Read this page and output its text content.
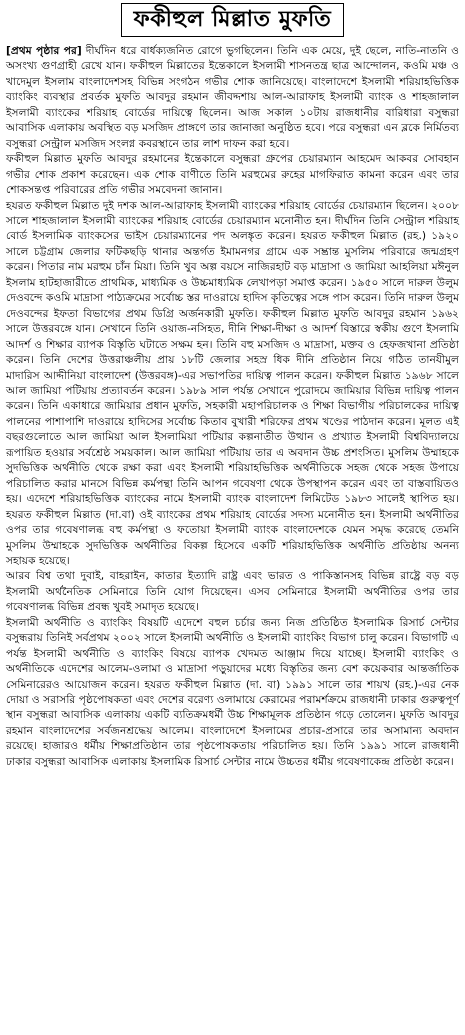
ফকীহুল মিল্লাত মুফতি

[প্রথম পৃষ্ঠার পর] দীর্ঘদিন ধরে বার্ধক্যজনিত রোগে ভুগছিলেন। তিনি এক মেয়ে, দুই ছেলে, নাতি-নাতনি ও অসংখ্য গুণগ্রাহী রেখে যান। ফকীহুল মিল্লাতের ইন্তেকালে ইসলামী শাসনতন্ত্র ছাত্র আন্দোলন, কওমি মঞ্চ ও খাদেমুল ইসলাম বাংলাদেশসহ বিভিন্ন সংগঠন গভীর শোক জানিয়েছে। বাংলাদেশে ইসলামী শরিয়াহভিত্তিক ব্যাংকিং ব্যবস্থার প্রবর্তক মুফতি আবদুর রহমান জীবদ্দশায় আল-আরাফাহ ইসলামী ব্যাংক ও শাহজালাল ইসলামী ব্যাংকের শরিয়াহ বোর্ডের দায়িত্বে ছিলেন। আজ সকাল ১০টায় রাজধানীর বারিধারা বসুন্ধরা আবাসিক এলাকায় অবস্থিত বড় মসজিদ প্রাঙ্গণে তার জানাজা অনুষ্ঠিত হবে। পরে বসুন্ধরা এন ব্লকে নির্মিতব্য বসুন্ধরা সেন্ট্রাল মসজিদ সংলগ্ন কবরস্থানে তার লাশ দাফন করা হবে।

ফকীহুল মিল্লাত মুফতি আবদুর রহমানের ইন্তেকালে বসুন্ধরা গ্রুপের চেয়ারম্যান আহমেদ আকবর সোবহান গভীর শোক প্রকাশ করেছেন। এক শোক বাণীতে তিনি মরহুমের রুহের মাগফিরাত কামনা করেন এবং তার শোকসন্তপ্ত পরিবারের প্রতি গভীর সমবেদনা জানান।

হযরত ফকীহুল মিল্লাত দুই দশক আল-আরাফাহ ইসলামী ব্যাংকের শরিয়াহ বোর্ডের চেয়ারম্যান ছিলেন। ২০০৮ সালে শাহজালাল ইসলামী ব্যাংকের শরিয়াহ বোর্ডের চেয়ারম্যান মনোনীত হন। দীর্ঘদিন তিনি সেন্ট্রাল শরিয়াহ বোর্ড ইসলামিক ব্যাংকসের ভাইস চেয়ারম্যানের পদ অলঙ্কৃত করেন। হযরত ফকীহুল মিল্লাত (রহ.) ১৯২০ সালে চট্টগ্রাম জেলার ফটিকছড়ি থানার অন্তর্গত ইমামনগর গ্রামে এক সম্ভ্রান্ত মুসলিম পরিবারে জন্মগ্রহণ করেন। পিতার নাম মরহুম চাঁন মিয়া। তিনি খুব অল্প বয়সে নাজিরহাট বড় মাদ্রাসা ও জামিয়া আহলিয়া মঈনুল ইসলাম হাটহাজারীতে প্রাথমিক, মাধ্যমিক ও উচ্চমাধ্যমিক লেখাপড়া সমাপ্ত করেন। ১৯৫০ সালে দারুল উলুম দেওবন্দে কওমি মাদ্রাসা পাঠ্যক্রমের সর্বোচ্চ স্তর দাওরায়ে হাদিস কৃতিত্বের সঙ্গে পাস করেন। তিনি দারুল উলুম দেওবন্দের ইফতা বিভাগের প্রথম ডিগ্রি অর্জনকারী মুফতি। ফকীহুল মিল্লাত মুফতি আবদুর রহমান ১৯৬২ সালে উত্তরবঙ্গে যান। সেখানে তিনি ওয়াজ-নসিহত, দীনি শিক্ষা-দীক্ষা ও আদর্শ বিস্তারে স্বকীয় গুণে ইসলামি আদর্শ ও শিক্ষার ব্যাপক বিস্তৃতি ঘটাতে সক্ষম হন। তিনি বহু মসজিদ ও মাদ্রাসা, মক্তব ও হেফজখানা প্রতিষ্ঠা করেন। তিনি দেশের উত্তরাঞ্চলীয় প্রায় ১৮টি জেলার সহস্র ধিক দীনি প্রতিষ্ঠান নিয়ে গঠিত তানযীমুল মাদারিস আদ্দীনিয়া বাংলাদেশ (উত্তরবঙ্গ)-এর সভাপতির দায়িত্ব পালন করেন। ফকীহুল মিল্লাত ১৯৬৮ সালে আল জামিয়া পটিয়ায় প্রত্যাবর্তন করেন। ১৯৮৯ সাল পর্যন্ত সেখানে পুরোদমে জামিয়ার বিভিন্ন দায়িত্ব পালন করেন। তিনি একাধারে জামিয়ার প্রধান মুফতি, সহকারী মহাপরিচালক ও শিক্ষা বিভাগীয় পরিচালকের দায়িত্ব পালনের পাশাপাশি দাওরায়ে হাদিসের সর্বোচ্চ কিতাব বুখারী শরিফের প্রথম খণ্ডের পাঠদান করেন। মূলত এই বছরগুলোতে আল জামিয়া আল ইসলামিয়া পটিয়ার কল্পনাতীত উত্থান ও প্রখ্যাত ইসলামী বিশ্ববিদ্যালয়ে রূপায়িত হওয়ার সর্বশ্রেষ্ঠ সময়কাল। আল জামিয়া পটিয়ায় তার এ অবদান উচ্চ প্রশংসিত। মুসলিম উম্মাহকে সুদভিত্তিক অর্থনীতি থেকে রক্ষা করা এবং ইসলামী শরিয়াহভিত্তিক অর্থনীতিকে সহজ থেকে সহজ উপায়ে পরিচালিত করার মানসে বিভিন্ন কর্মপন্থা তিনি আপন গবেষণা থেকে উপস্থাপন করেন এবং তা বাস্তবায়িতও হয়। এদেশে শরিয়াহভিত্তিক ব্যাংকের নামে ইসলামী ব্যাংক বাংলাদেশ লিমিটেড ১৯৮৩ সালেই স্থাপিত হয়। হযরত ফকীহুল মিল্লাত (দা.বা) ওই ব্যাংকের প্রথম শরিয়াহ বোর্ডের সদস্য মনোনীত হন। ইসলামী অর্থনীতির ওপর তার গবেষণালব্ধ বহু কর্মপন্থা ও ফতোয়া ইসলামী ব্যাংক বাংলাদেশকে যেমন সমৃদ্ধ করেছে তেমনি মুসলিম উম্মাহকে সুদভিত্তিক অর্থনীতির বিকল্প হিসেবে একটি শরিয়াহভিত্তিক অর্থনীতি প্রতিষ্ঠায় অনন্য সহায়ক হয়েছে।

আরব বিশ্ব তথা দুবাই, বাহরাইন, কাতার ইত্যাদি রাষ্ট্র এবং ভারত ও পাকিস্তানসহ বিভিন্ন রাষ্ট্রে বড় বড় ইসলামী অর্থনৈতিক সেমিনারে তিনি যোগ দিয়েছেন। এসব সেমিনারে ইসলামী অর্থনীতির ওপর তার গবেষণালব্ধ বিভিন্ন প্রবন্ধ খুবই সমাদৃত হয়েছে।

ইসলামী অর্থনীতি ও ব্যাংকিং বিষয়টি এদেশে বহুল চর্চার জন্য নিজ প্রতিষ্ঠিত ইসলামিক রিসার্চ সেন্টার বসুন্ধরায় তিনিই সর্বপ্রথম ২০০২ সালে ইসলামী অর্থনীতি ও ইসলামী ব্যাংকিং বিভাগ চালু করেন। বিভাগটি এ পর্যন্ত ইসলামী অর্থনীতি ও ব্যাংকিং বিষয়ে ব্যাপক খেদমত আঞ্জাম দিয়ে যাচ্ছে। ইসলামী ব্যাংকিং ও অর্থনীতিকে এদেশের আলেম-ওলামা ও মাদ্রাসা পড়ুয়াদের মধ্যে বিস্তৃতির জন্য বেশ কয়েকবার আন্তর্জাতিক সেমিনারেরও আয়োজন করেন। হযরত ফকীহুল মিল্লাত (দা. বা) ১৯৯১ সালে তার শায়খ (রহ.)-এর নেক দোয়া ও সরাসরি পৃষ্ঠপোষকতা এবং দেশের বরেণ্য ওলামায়ে কেরামের পরামর্শক্রমে রাজধানী ঢাকার গুরুত্বপূর্ণ স্থান বসুন্ধরা আবাসিক এলাকায় একটি ব্যতিক্রমধর্মী উচ্চ শিক্ষামূলক প্রতিষ্ঠান গড়ে তোলেন। মুফতি আবদুর রহমান বাংলাদেশের সর্বজনশ্রদ্ধেয় আলেম। বাংলাদেশে ইসলামের প্রচার-প্রসারে তার অসামান্য অবদান রয়েছে। হাজারও ধর্মীয় শিক্ষাপ্রতিষ্ঠান তার পৃষ্ঠপোষকতায় পরিচালিত হয়। তিনি ১৯৯১ সালে রাজধানী ঢাকার বসুন্ধরা আবাসিক এলাকায় ইসলামিক রিসার্চ সেন্টার নামে উচ্চতর ধর্মীয় গবেষণাকেন্দ্র প্রতিষ্ঠা করেন।
